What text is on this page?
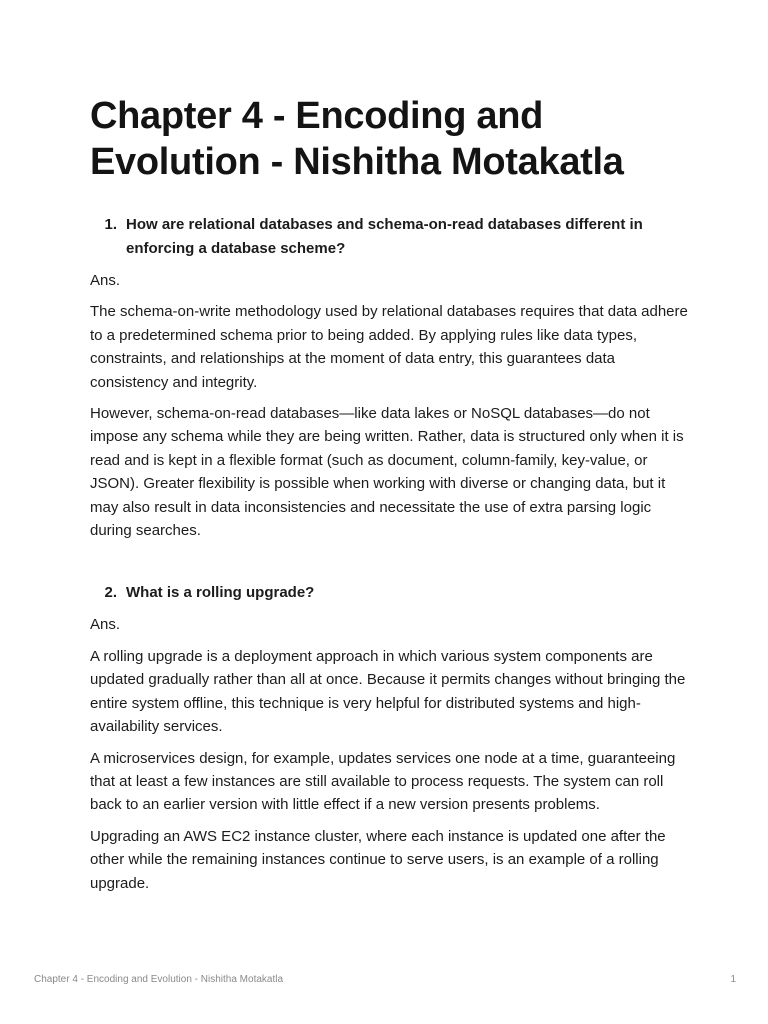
Chapter 4 - Encoding and Evolution - Nishitha Motakatla
1. How are relational databases and schema-on-read databases different in enforcing a database scheme?

Ans.

The schema-on-write methodology used by relational databases requires that data adhere to a predetermined schema prior to being added. By applying rules like data types, constraints, and relationships at the moment of data entry, this guarantees data consistency and integrity.

However, schema-on-read databases—like data lakes or NoSQL databases—do not impose any schema while they are being written. Rather, data is structured only when it is read and is kept in a flexible format (such as document, column-family, key-value, or JSON). Greater flexibility is possible when working with diverse or changing data, but it may also result in data inconsistencies and necessitate the use of extra parsing logic during searches.

2. What is a rolling upgrade?

Ans.

A rolling upgrade is a deployment approach in which various system components are updated gradually rather than all at once. Because it permits changes without bringing the entire system offline, this technique is very helpful for distributed systems and high-availability services.

A microservices design, for example, updates services one node at a time, guaranteeing that at least a few instances are still available to process requests. The system can roll back to an earlier version with little effect if a new version presents problems.

Upgrading an AWS EC2 instance cluster, where each instance is updated one after the other while the remaining instances continue to serve users, is an example of a rolling upgrade.

Chapter 4 - Encoding and Evolution - Nishitha Motakatla	1
